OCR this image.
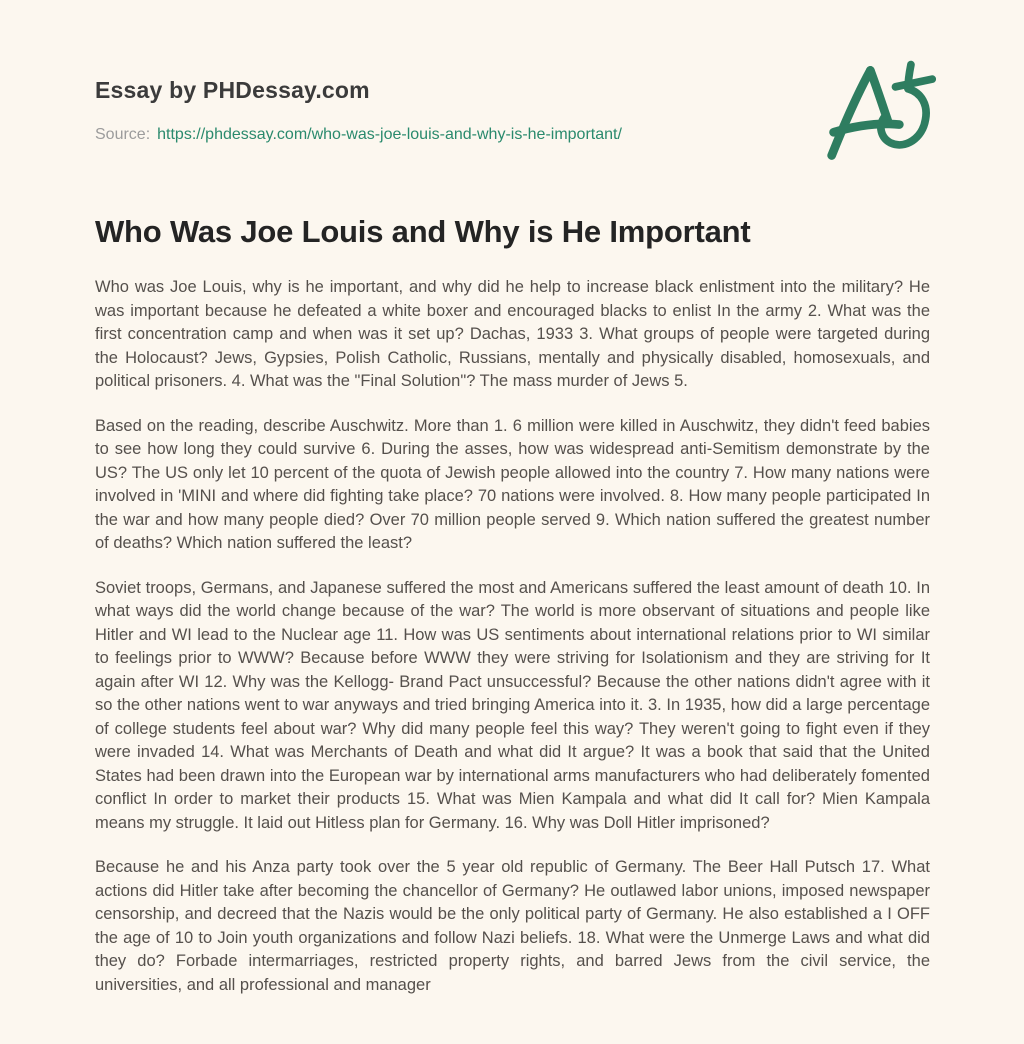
Essay by PHDessay.com
Source: https://phdessay.com/who-was-joe-louis-and-why-is-he-important/
Who Was Joe Louis and Why is He Important

Who was Joe Louis, why is he important, and why did he help to increase black enlistment into the military? He was important because he defeated a white boxer and encouraged blacks to enlist In the army 2. What was the first concentration camp and when was it set up? Dachas, 1933 3. What groups of people were targeted during the Holocaust? Jews, Gypsies, Polish Catholic, Russians, mentally and physically disabled, homosexuals, and political prisoners. 4. What was the "Final Solution"? The mass murder of Jews 5.

Based on the reading, describe Auschwitz. More than 1. 6 million were killed in Auschwitz, they didn't feed babies to see how long they could survive 6. During the asses, how was widespread anti-Semitism demonstrate by the US? The US only let 10 percent of the quota of Jewish people allowed into the country 7. How many nations were involved in 'MINI and where did fighting take place? 70 nations were involved. 8. How many people participated In the war and how many people died? Over 70 million people served 9. Which nation suffered the greatest number of deaths? Which nation suffered the least?

Soviet troops, Germans, and Japanese suffered the most and Americans suffered the least amount of death 10. In what ways did the world change because of the war? The world is more observant of situations and people like Hitler and WI lead to the Nuclear age 11. How was US sentiments about international relations prior to WI similar to feelings prior to WWW? Because before WWW they were striving for Isolationism and they are striving for It again after WI 12. Why was the Kellogg- Brand Pact unsuccessful? Because the other nations didn't agree with it so the other nations went to war anyways and tried bringing America into it. 3. In 1935, how did a large percentage of college students feel about war? Why did many people feel this way? They weren't going to fight even if they were invaded 14. What was Merchants of Death and what did It argue? It was a book that said that the United States had been drawn into the European war by international arms manufacturers who had deliberately fomented conflict In order to market their products 15. What was Mien Kampala and what did It call for? Mien Kampala means my struggle. It laid out Hitless plan for Germany. 16. Why was Doll Hitler imprisoned?

Because he and his Anza party took over the 5 year old republic of Germany. The Beer Hall Putsch 17. What actions did Hitler take after becoming the chancellor of Germany? He outlawed labor unions, imposed newspaper censorship, and decreed that the Nazis would be the only political party of Germany. He also established a I OFF the age of 10 to Join youth organizations and follow Nazi beliefs. 18. What were the Unmerge Laws and what did they do? Forbade intermarriages, restricted property rights, and barred Jews from the civil service, the universities, and all professional and manager
